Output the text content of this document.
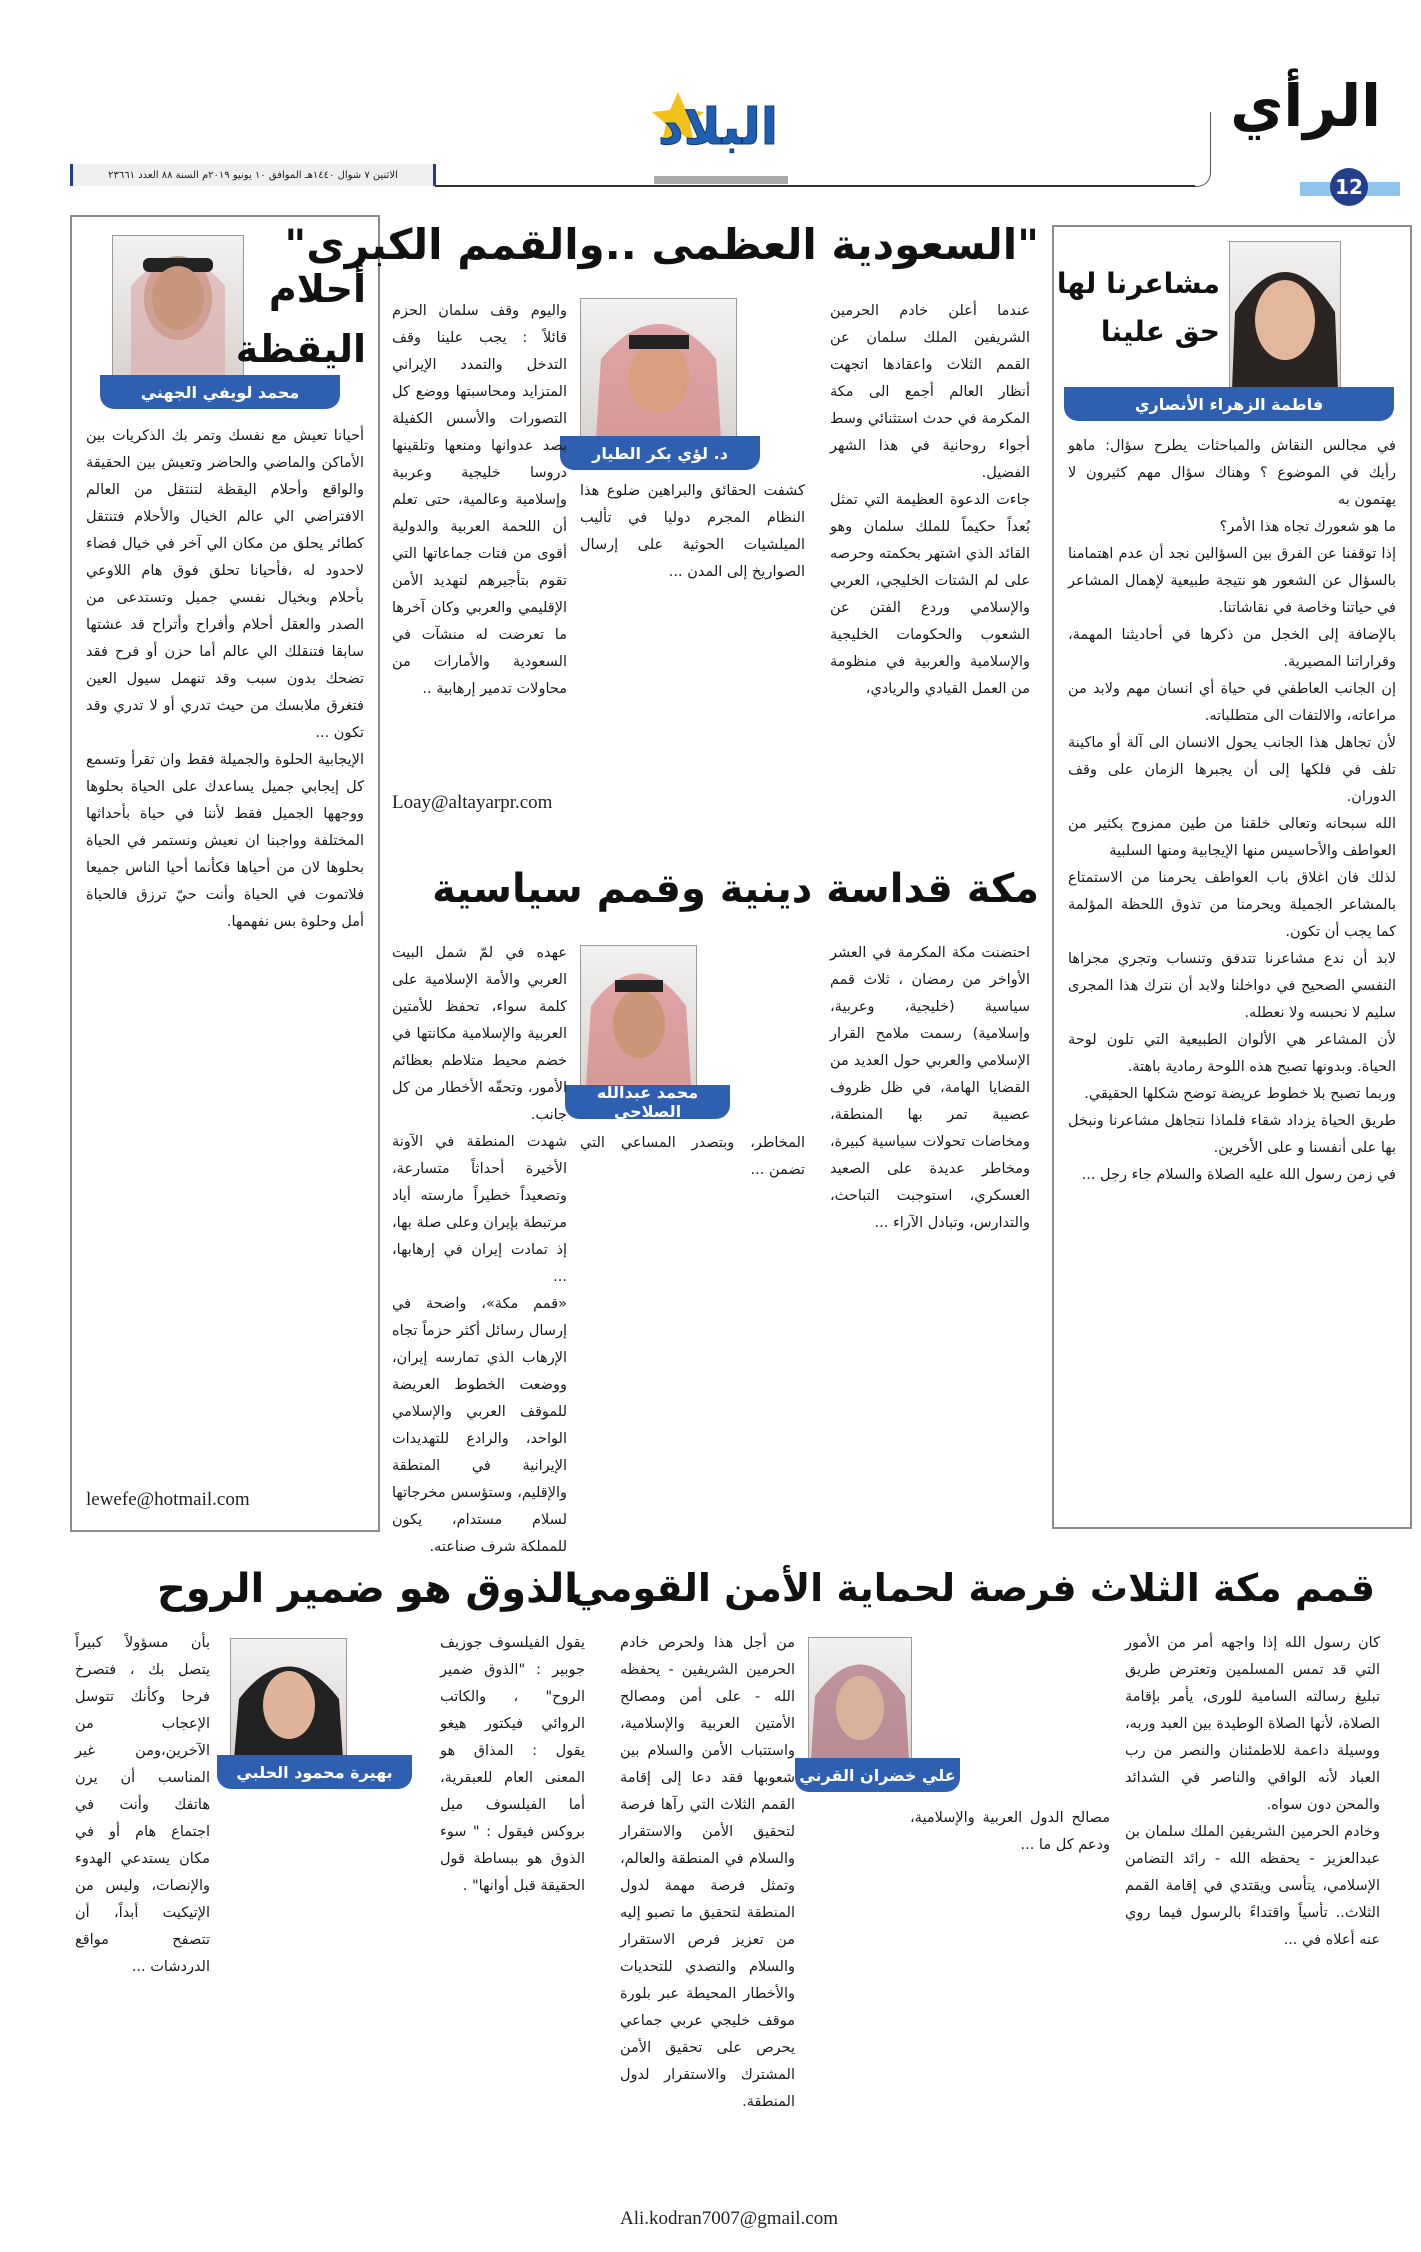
الرأي
12
البلاد
الاثنين ٧ شوال ١٤٤٠هـ الموافق ١٠ يونيو ٢٠١٩م السنة ٨٨ العدد ٢٣٦٦١
أحلام
اليقظة
محمد لويفي الجهني
أحيانا تعيش مع نفسك وتمر بك الذكريات بين الأماكن والماضي والحاضر وتعيش بين الحقيقة والواقع وأحلام اليقظة لتنتقل من العالم الافتراضي الي عالم الخيال والأحلام فتنتقل كطائر يحلق من مكان الي آخر في خيال فضاء لاحدود له ،فأحيانا تحلق فوق هام اللاوعي بأحلام وبخيال نفسي جميل وتستدعى من الصدر والعقل أحلام وأفراح وأتراح قد عشتها سابقا فتنقلك الي عالم أما حزن أو فرح فقد تضحك بدون سبب وقد تنهمل سيول العين فتغرق ملابسك من حيث تدري أو لا تدري وقد تكون ...
الإيجابية الحلوة والجميلة فقط وان تقرأ وتسمع كل إيجابي جميل يساعدك على الحياة بحلوها ووجهها الجميل فقط لأننا في حياة بأحداثها المختلفة وواجبنا ان نعيش ونستمر في الحياة بحلوها لان من أحياها فكأنما أحيا الناس جميعا فلاتموت في الحياة وأنت حيّ ترزق فالحياة أمل وحلوة بس نفهمها.
lewefe@hotmail.com
"السعودية العظمى ..والقمم الكبرى"
عندما أعلن خادم الحرمين الشريفين الملك سلمان عن القمم الثلاث واعقادها اتجهت أنظار العالم أجمع الى مكة المكرمة في حدث استثنائي وسط أجواء روحانية في هذا الشهر الفضيل.
جاءت الدعوة العظيمة التي تمثل بُعداً حكيماً للملك سلمان وهو القائد الذي اشتهر بحكمته وحرصه على لم الشتات الخليجي، العربي والإسلامي وردع الفتن عن الشعوب والحكومات الخليجية والإسلامية والعربية في منظومة من العمل القيادي والريادي،
د. لؤي بكر الطيار
كشفت الحقائق والبراهين ضلوع هذا النظام المجرم دوليا في تأليب الميلشيات الحوثية على إرسال الصواريخ إلى المدن ...
واليوم وقف سلمان الحزم قائلاً : يجب علينا وقف التدخل والتمدد الإيراني المتزايد ومحاسبتها ووضع كل التصورات والأسس الكفيلة بصد عدوانها ومنعها وتلقينها دروسا خليجية وعربية وإسلامية وعالمية، حتى تعلم أن اللحمة العربية والدولية أقوى من فتات جماعاتها التي تقوم بتأجيرهم لتهديد الأمن الإقليمي والعربي وكان آخرها ما تعرضت له منشآت في السعودية والأمارات من محاولات تدمير إرهابية ..
Loay@altayarpr.com
مكة قداسة دينية وقمم سياسية
احتضنت مكة المكرمة في العشر الأواخر من رمضان ، ثلاث قمم سياسية (خليجية، وعربية، وإسلامية) رسمت ملامح القرار الإسلامي والعربي حول العديد من القضايا الهامة، في ظل ظروف عصيبة تمر بها المنطقة، ومخاضات تحولات سياسية كبيرة، ومخاطر عديدة على الصعيد العسكري، استوجبت التباحث، والتدارس، وتبادل الآراء ...
محمد عبدالله الصلاحي
المخاطر، وبتصدر المساعي التي تضمن ...
عهده في لمّ شمل البيت العربي والأمة الإسلامية على كلمة سواء، تحفظ للأمتين العربية والإسلامية مكانتها في خضم محيط متلاطم بعظائم الأمور، وتحفّه الأخطار من كل جانب.
شهدت المنطقة في الآونة الأخيرة أحداثاً متسارعة، وتصعيداً خطيراً مارسته أياد مرتبطة بإيران وعلى صلة بها، إذ تمادت إيران في إرهابها، ...
«قمم مكة»، واضحة في إرسال رسائل أكثر حزماً تجاه الإرهاب الذي تمارسه إيران، ووضعت الخطوط العريضة للموقف العربي والإسلامي الواحد، والرادع للتهديدات الإيرانية في المنطقة والإقليم، وستؤسس مخرجاتها لسلام مستدام، يكون للمملكة شرف صناعته.
مشاعرنا لها
حق علينا
فاطمة الزهراء الأنصاري
في مجالس النقاش والمباحثات يطرح سؤال: ماهو رأيك في الموضوع ؟ وهناك سؤال مهم كثيرون لا يهتمون به
ما هو شعورك تجاه هذا الأمر؟
إذا توقفنا عن الفرق بين السؤالين نجد أن عدم اهتمامنا بالسؤال عن الشعور هو نتيجة طبيعية لإهمال المشاعر في حياتنا وخاصة في نقاشاتنا.
بالإضافة إلى الخجل من ذكرها في أحاديثنا المهمة، وقراراتنا المصيرية.
إن الجانب العاطفي في حياة أي انسان مهم ولابد من مراعاته، والالتفات الى متطلباته.
لأن تجاهل هذا الجانب يحول الانسان الى آلة أو ماكينة تلف في فلكها إلى أن يجبرها الزمان على وقف الدوران.
الله سبحانه وتعالى خلقنا من طين ممزوج بكثير من العواطف والأحاسيس منها الإيجابية ومنها السلبية
لذلك فان اغلاق باب العواطف يحرمنا من الاستمتاع بالمشاعر الجميلة ويحرمنا من تذوق اللحظة المؤلمة كما يجب أن تكون.
لابد أن ندع مشاعرنا تتدفق وتنساب وتجري مجراها النفسي الصحيح في دواخلنا ولابد أن نترك هذا المجرى سليم لا نحبسه ولا نعطله.
لأن المشاعر هي الألوان الطبيعية التي تلون لوحة الحياة. وبدونها تصبح هذه اللوحة رمادية باهتة.
وربما تصبح بلا خطوط عريضة توضح شكلها الحقيقي.
طريق الحياة يزداد شقاء فلماذا نتجاهل مشاعرنا ونبخل بها على أنفسنا و على الأخرين.
في زمن رسول الله عليه الصلاة والسلام جاء رجل ...
الذوق هو ضمير الروح
يقول الفيلسوف جوزيف جوبير : "الذوق ضمير الروح" ، والكاتب الروائي فيكتور هيغو يقول : المذاق هو المعنى العام للعبقرية، أما الفيلسوف ميل بروكس فيقول : " سوء الذوق هو ببساطة قول الحقيقة قبل أوانها" .
بهيرة محمود الحلبي
بأن مسؤولاً كبيراً يتصل بك ، فتصرخ فرحا وكأنك تتوسل الإعجاب من الآخرين،ومن غير المناسب أن يرن هاتفك وأنت في اجتماع هام أو في مكان يستدعي الهدوء والإنصات، وليس من الإتيكيت أبداً، أن تتصفح مواقع الدردشات ...
قمم مكة الثلاث فرصة لحماية الأمن القومي
كان رسول الله إذا واجهه أمر من الأمور التي قد تمس المسلمين وتعترض طريق تبليغ رسالته السامية للورى، يأمر بإقامة الصلاة، لأنها الصلاة الوطيدة بين العبد وربه، ووسيلة داعمة للاطمئنان والنصر من رب العباد لأنه الواقي والناصر في الشدائد والمحن دون سواه.
وخادم الحرمين الشريفين الملك سلمان بن عبدالعزيز - يحفظه الله - رائد التضامن الإسلامي، يتأسى ويقتدي في إقامة القمم الثلاث.. تأسياً واقتداءً بالرسول فيما روي عنه أعلاه في ...
علي خضران القرني
مصالح الدول العربية والإسلامية، ودعم كل ما ...
من أجل هذا ولحرص خادم الحرمين الشريفين - يحفظه الله - على أمن ومصالح الأمتين العربية والإسلامية، واستتباب الأمن والسلام بين شعوبها فقد دعا إلى إقامة القمم الثلاث التي رآها فرصة لتحقيق الأمن والاستقرار والسلام في المنطقة والعالم، وتمثل فرصة مهمة لدول المنطقة لتحقيق ما تصبو إليه من تعزيز فرص الاستقرار والسلام والتصدي للتحديات والأخطار المحيطة عبر بلورة موقف خليجي عربي جماعي يحرص على تحقيق الأمن المشترك والاستقرار لدول المنطقة.
Ali.kodran7007@gmail.com
